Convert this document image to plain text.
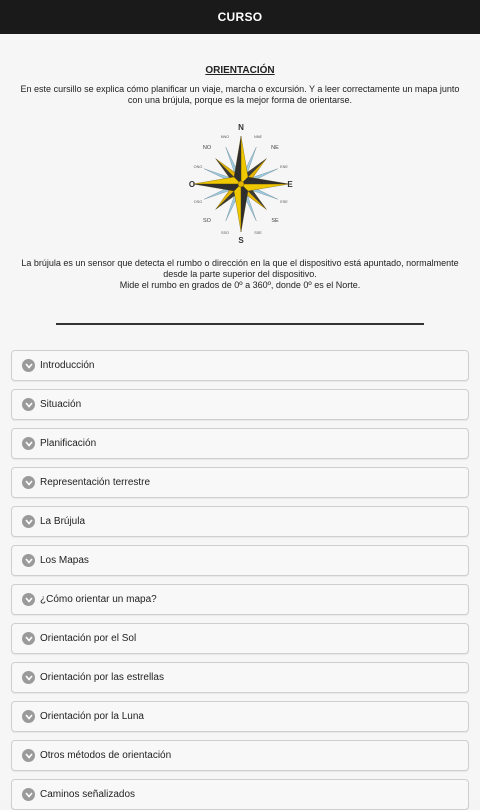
CURSO
ORIENTACIÓN
En este cursillo se explica cómo planificar un viaje, marcha o excursión. Y a leer correctamente un mapa junto con una brújula, porque es la mejor forma de orientarse.
N
S
E
O
NO	NE
SO	SE
NNO	NNE
ONO	ENE
OSO	ESE
SSO	SSE

La brújula es un sensor que detecta el rumbo o dirección en la que el dispositivo está apuntado, normalmente desde la parte superior del dispositivo.

Mide el rumbo en grados de 0º a 360º, donde 0º es el Norte.

Introducción
Situación
Planificación
Representación terrestre
La Brújula
Los Mapas
¿Cómo orientar un mapa?
Orientación por el Sol
Orientación por las estrellas
Orientación por la Luna
Otros métodos de orientación
Caminos señalizados
